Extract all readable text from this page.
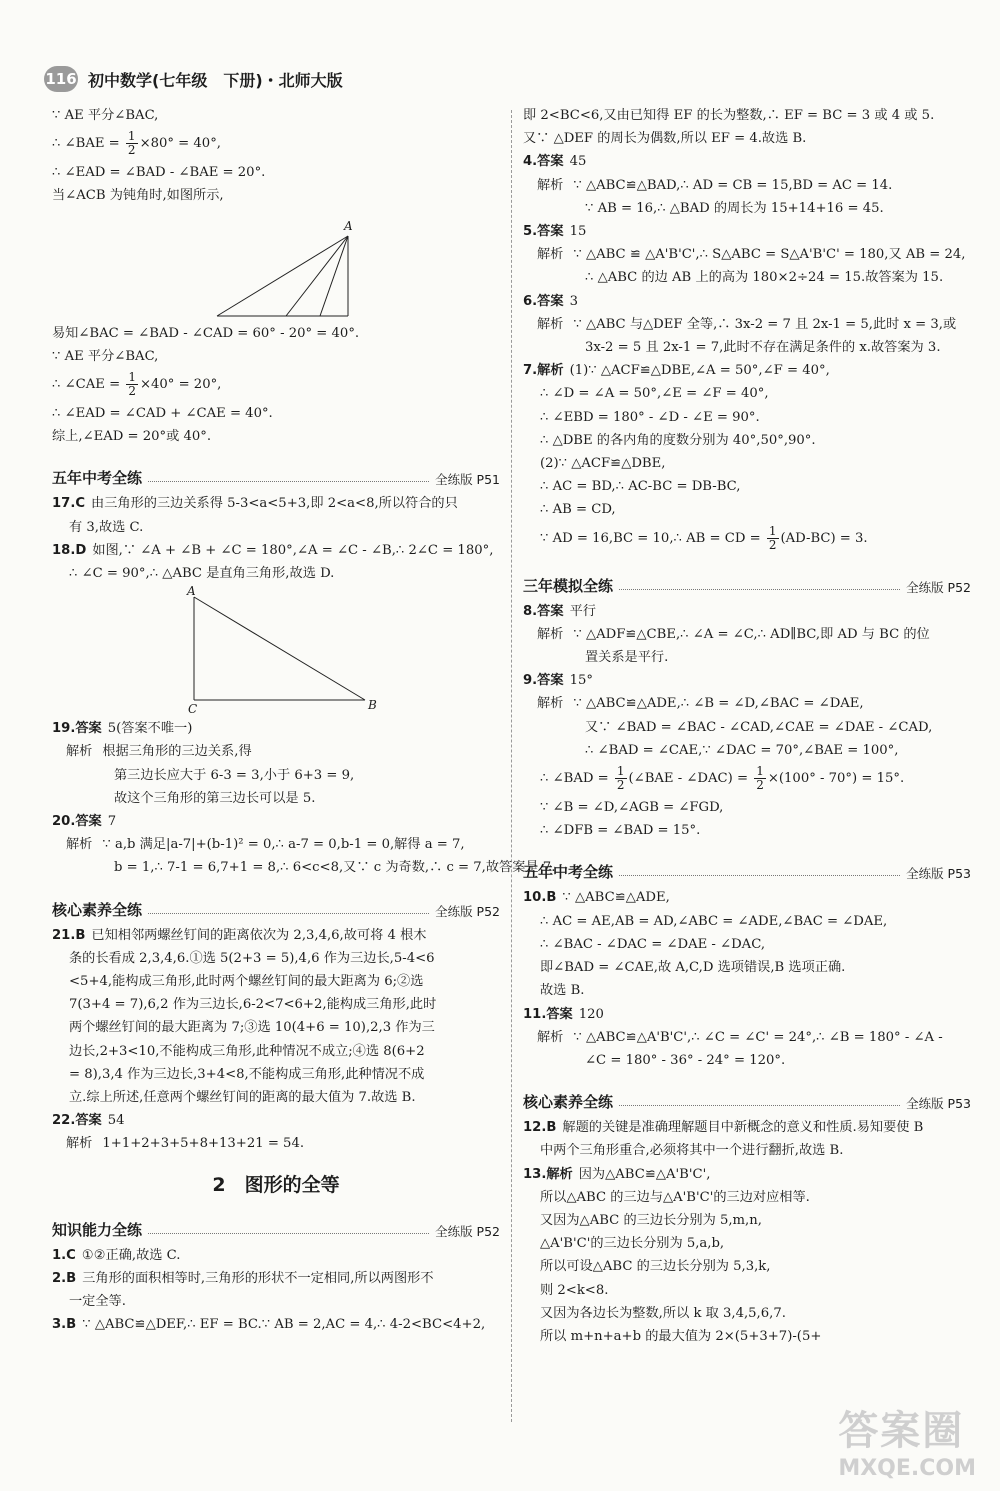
116 初中数学(七年级　下册)・北师大版
∵ AE 平分∠BAC,
∴ ∠BAE = $\frac{1}{2} \times 80^\circ = 40^\circ$,
∴ ∠EAD = ∠BAD - ∠BAE = 20°.
当∠ACB 为钝角时,如图所示,
A
易知∠BAC = ∠BAD - ∠CAD = 60° - 20° = 40°.
∵ AE 平分∠BAC,
∴ ∠CAE = $\frac{1}{2} \times 40^\circ = 20^\circ$,
∴ ∠EAD = ∠CAD + ∠CAE = 40°.
综上,∠EAD = 20°或 40°.
五年中考全练	全练版 P51
17.C 由三角形的三边关系得 5-3<a<5+3,即 2<a<8,所以符合的只
有 3,故选 C.
18.D 如图,∵ ∠A + ∠B + ∠C = 180°,∠A = ∠C - ∠B,∴ 2∠C = 180°,
∴ ∠C = 90°,∴ △ABC 是直角三角形,故选 D.
A
C	B
19.答案 5(答案不唯一)
解析 根据三角形的三边关系,得
第三边长应大于 6-3 = 3,小于 6+3 = 9,
故这个三角形的第三边长可以是 5.
20.答案 7
解析 ∵ a,b 满足|a-7|+(b-1)² = 0,∴ a-7 = 0,b-1 = 0,解得 a = 7,
b = 1,∴ 7-1 = 6,7+1 = 8,∴ 6<c<8,又∵ c 为奇数,∴ c = 7,故答案是 7.
核心素养全练	全练版 P52
21.B 已知相邻两螺丝钉间的距离依次为 2,3,4,6,故可将 4 根木
条的长看成 2,3,4,6.①选 5(2+3 = 5),4,6 作为三边长,5-4<6
<5+4,能构成三角形,此时两个螺丝钉间的最大距离为 6;②选
7(3+4 = 7),6,2 作为三边长,6-2<7<6+2,能构成三角形,此时
两个螺丝钉间的最大距离为 7;③选 10(4+6 = 10),2,3 作为三
边长,2+3<10,不能构成三角形,此种情况不成立;④选 8(6+2
= 8),3,4 作为三边长,3+4<8,不能构成三角形,此种情况不成
立.综上所述,任意两个螺丝钉间的距离的最大值为 7.故选 B.
22.答案 54
解析 1+1+2+3+5+8+13+21 = 54.
2　图形的全等
知识能力全练	全练版 P52
1.C ①②正确,故选 C.
2.B 三角形的面积相等时,三角形的形状不一定相同,所以两图形不
一定全等.
3.B ∵ △ABC≌△DEF,∴ EF = BC.∵ AB = 2,AC = 4,∴ 4-2<BC<4+2,
即 2<BC<6,又由已知得 EF 的长为整数,∴ EF = BC = 3 或 4 或 5.
又∵ △DEF 的周长为偶数,所以 EF = 4.故选 B.
4.答案 45
解析 ∵ △ABC≌△BAD,∴ AD = CB = 15,BD = AC = 14.
∵ AB = 16,∴ △BAD 的周长为 15+14+16 = 45.
5.答案 15
解析 ∵ △ABC ≌ △A'B'C',∴ S△ABC = S△A'B'C' = 180,又 AB = 24,
∴ △ABC 的边 AB 上的高为 180×2÷24 = 15.故答案为 15.
6.答案 3
解析 ∵ △ABC 与△DEF 全等,∴ 3x-2 = 7 且 2x-1 = 5,此时 x = 3,或
3x-2 = 5 且 2x-1 = 7,此时不存在满足条件的 x.故答案为 3.
7.解析 (1)∵ △ACF≌△DBE,∠A = 50°,∠F = 40°,
∴ ∠D = ∠A = 50°,∠E = ∠F = 40°,
∴ ∠EBD = 180° - ∠D - ∠E = 90°.
∴ △DBE 的各内角的度数分别为 40°,50°,90°.
(2)∵ △ACF≌△DBE,
∴ AC = BD,∴ AC-BC = DB-BC,
∴ AB = CD,
∵ AD = 16,BC = 10,∴ AB = CD = $\frac{1}{2} (AD-BC) = 3$.
三年模拟全练	全练版 P52
8.答案 平行
解析 ∵ △ADF≌△CBE,∴ ∠A = ∠C,∴ AD∥BC,即 AD 与 BC 的位
置关系是平行.
9.答案 15°
解析 ∵ △ABC≌△ADE,∴ ∠B = ∠D,∠BAC = ∠DAE,
又∵ ∠BAD = ∠BAC - ∠CAD,∠CAE = ∠DAE - ∠CAD,
∴ ∠BAD = ∠CAE,∵ ∠DAC = 70°,∠BAE = 100°,
∴ ∠BAD = $\frac{1}{2}$ (∠BAE - ∠DAC) = $\frac{1}{2} \times(100^\circ - 70^\circ) = 15^\circ$.
∵ ∠B = ∠D,∠AGB = ∠FGD,
∴ ∠DFB = ∠BAD = 15°.
五年中考全练	全练版 P53
10.B ∵ △ABC≌△ADE,
∴ AC = AE,AB = AD,∠ABC = ∠ADE,∠BAC = ∠DAE,
∴ ∠BAC - ∠DAC = ∠DAE - ∠DAC,
即∠BAD = ∠CAE,故 A,C,D 选项错误,B 选项正确.
故选 B.
11.答案 120
解析 ∵ △ABC≌△A'B'C',∴ ∠C = ∠C' = 24°,∴ ∠B = 180° - ∠A -
∠C = 180° - 36° - 24° = 120°.
核心素养全练	全练版 P53
12.B 解题的关键是准确理解题目中新概念的意义和性质.易知要使 B
中两个三角形重合,必须将其中一个进行翻折,故选 B.
13.解析 因为△ABC≌△A'B'C',
所以△ABC 的三边与△A'B'C'的三边对应相等.
又因为△ABC 的三边长分别为 5,m,n,
△A'B'C'的三边长分别为 5,a,b,
所以可设△ABC 的三边长分别为 5,3,k,
则 2<k<8.
又因为各边长为整数,所以 k 取 3,4,5,6,7.
所以 m+n+a+b 的最大值为 2×(5+3+7)-(5+
答案圈
MXQE.COM
